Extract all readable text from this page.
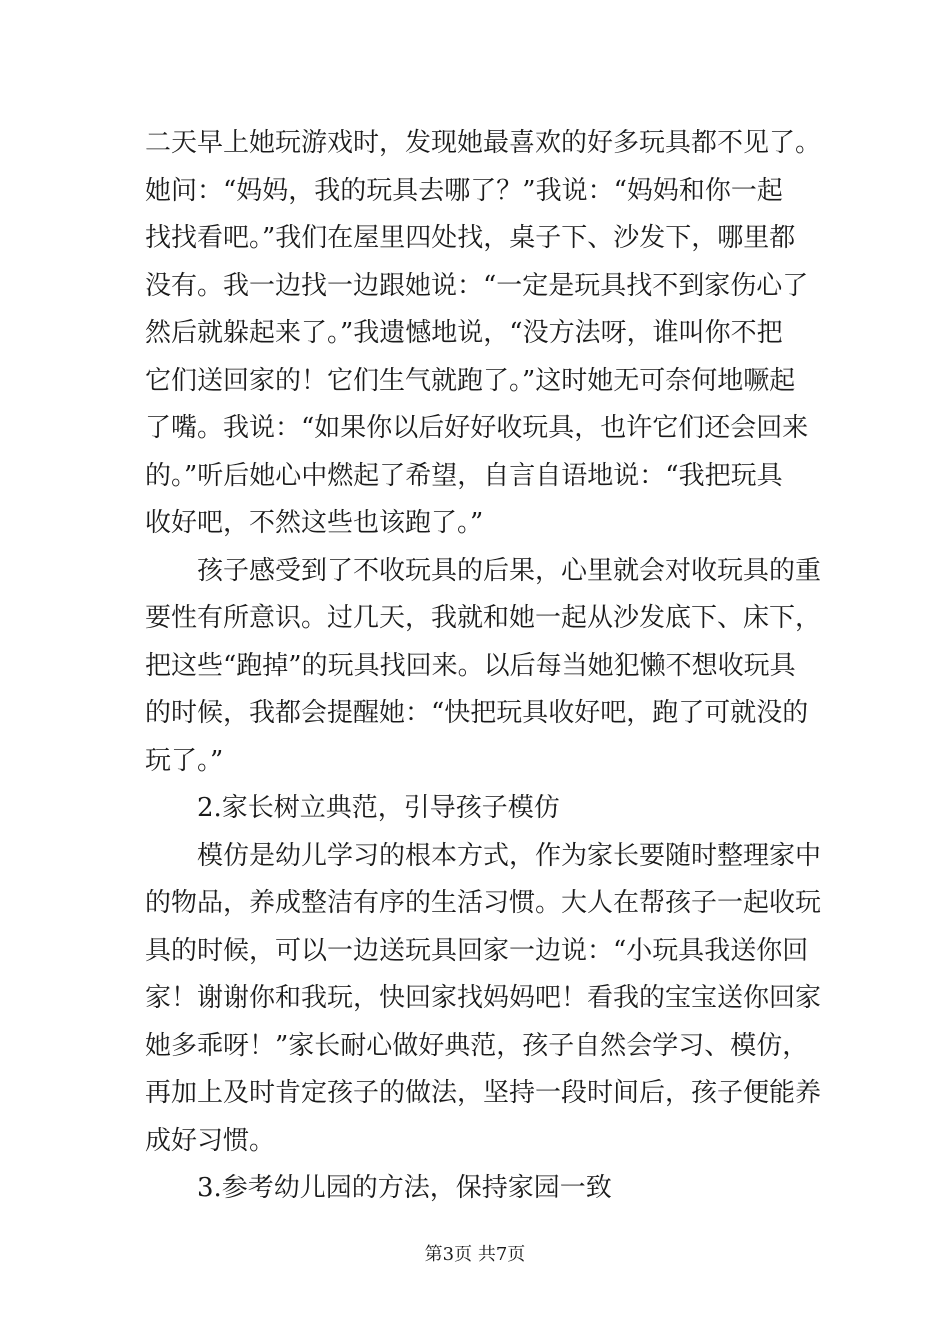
二天早上她玩游戏时，发现她最喜欢的好多玩具都不见了。
她问：“妈妈，我的玩具去哪了？”我说：“妈妈和你一起
找找看吧。”我们在屋里四处找，桌子下、沙发下，哪里都
没有。我一边找一边跟她说：“一定是玩具找不到家伤心了
然后就躲起来了。”我遗憾地说，“没方法呀，谁叫你不把
它们送回家的！它们生气就跑了。”这时她无可奈何地噘起
了嘴。我说：“如果你以后好好收玩具，也许它们还会回来
的。”听后她心中燃起了希望，自言自语地说：“我把玩具
收好吧，不然这些也该跑了。”
孩子感受到了不收玩具的后果，心里就会对收玩具的重
要性有所意识。过几天，我就和她一起从沙发底下、床下，
把这些“跑掉”的玩具找回来。以后每当她犯懒不想收玩具
的时候，我都会提醒她：“快把玩具收好吧，跑了可就没的
玩了。”
2.家长树立典范，引导孩子模仿
模仿是幼儿学习的根本方式，作为家长要随时整理家中
的物品，养成整洁有序的生活习惯。大人在帮孩子一起收玩
具的时候，可以一边送玩具回家一边说：“小玩具我送你回
家！谢谢你和我玩，快回家找妈妈吧！看我的宝宝送你回家
她多乖呀！”家长耐心做好典范，孩子自然会学习、模仿，
再加上及时肯定孩子的做法，坚持一段时间后，孩子便能养
成好习惯。
3.参考幼儿园的方法，保持家园一致
第3页 共7页
